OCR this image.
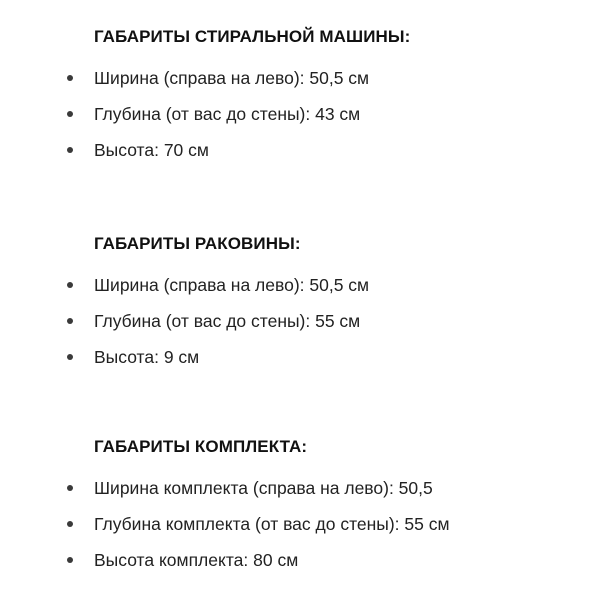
ГАБАРИТЫ СТИРАЛЬНОЙ МАШИНЫ:
Ширина (справа на лево): 50,5 см
Глубина (от вас до стены): 43 см
Высота: 70 см
ГАБАРИТЫ РАКОВИНЫ:
Ширина (справа на лево): 50,5 см
Глубина (от вас до стены): 55 см
Высота: 9 см
ГАБАРИТЫ КОМПЛЕКТА:
Ширина комплекта (справа на лево): 50,5
Глубина комплекта (от вас до стены): 55 см
Высота комплекта: 80 см
